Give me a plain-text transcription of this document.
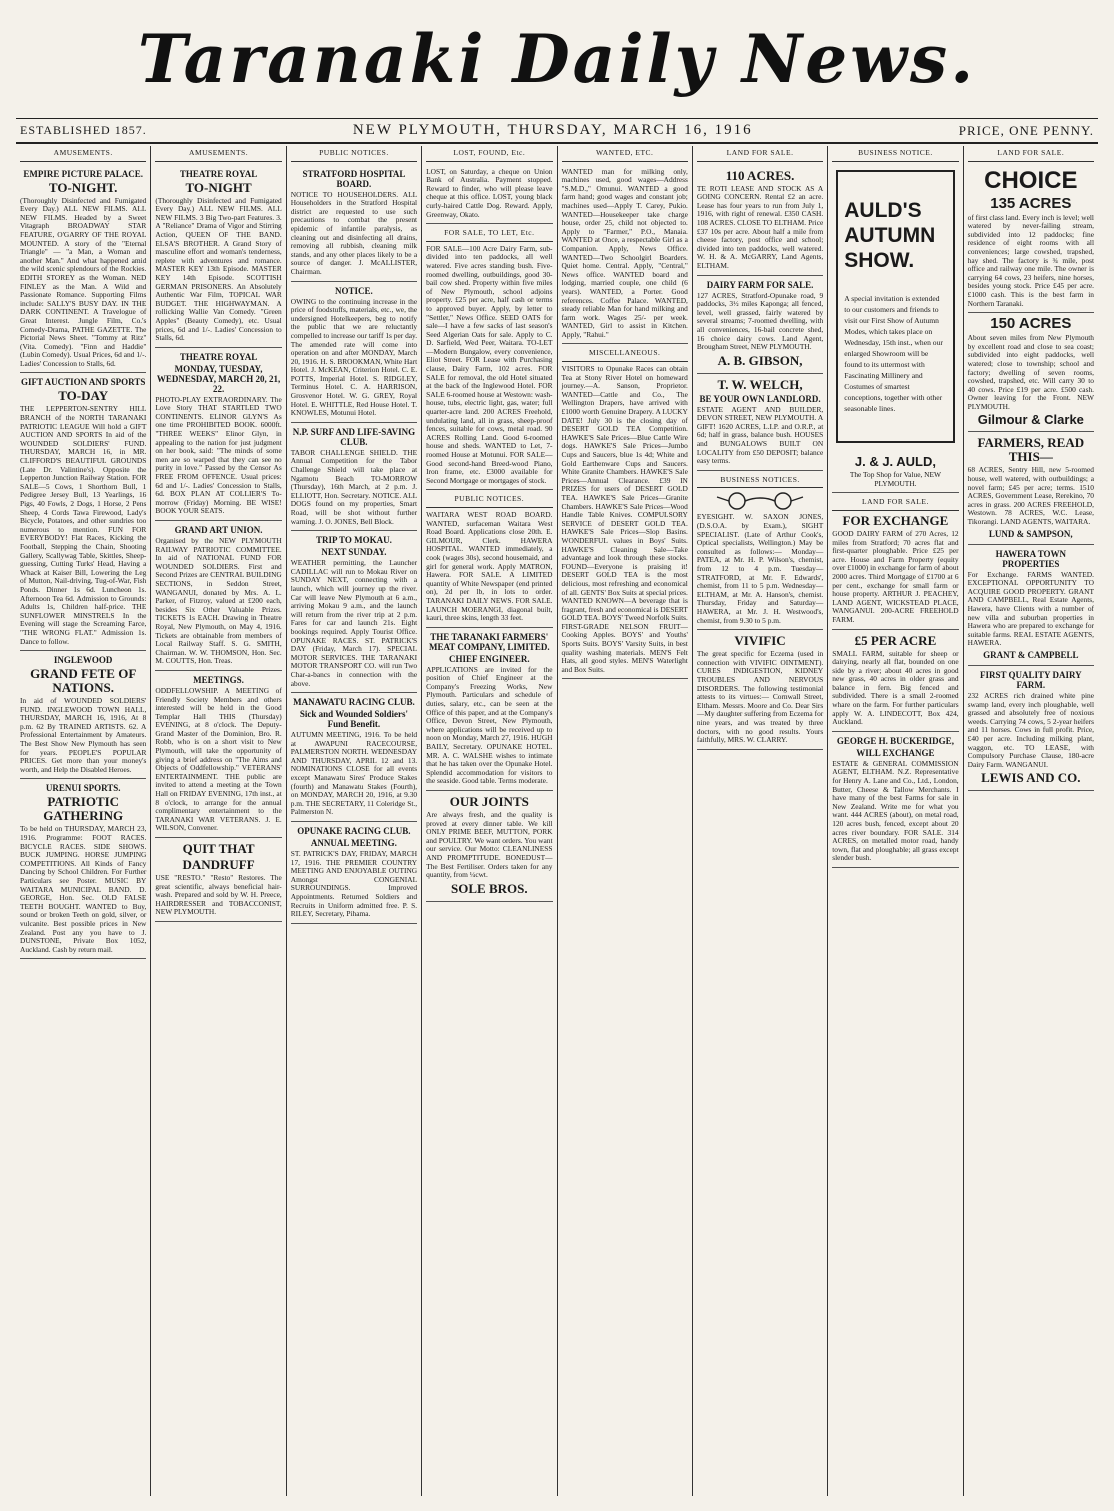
Taranaki Daily News.
ESTABLISHED 1857.	NEW PLYMOUTH, THURSDAY, MARCH 16, 1916	PRICE, ONE PENNY.
AMUSEMENTS.
EMPIRE PICTURE PALACE.
TO-NIGHT.

(Thoroughly Disinfected and Fumigated Every Day.) ALL NEW FILMS. ALL NEW FILMS. Headed by a Sweet Vitagraph BROADWAY STAR FEATURE, O'GARRY OF THE ROYAL MOUNTED. A story of the "Eternal Triangle" — "a Man, a Woman and another Man." And what happened amid the wild scenic splendours of the Rockies. EDITH STOREY as the Woman. NED FINLEY as the Man. A Wild and Passionate Romance. Supporting Films include: SALLY'S BUSY DAY. IN THE DARK CONTINENT. A Travelogue of Great Interest. Jungle Film, Co.'s Comedy-Drama, PATHE GAZETTE. The Pictorial News Sheet. "Tommy at Ritz" (Vita. Comedy). "Finn and Haddie" (Lubin Comedy). Usual Prices, 6d and 1/-. Ladies' Concession to Stalls, 6d.

GIFT AUCTION AND SPORTS
TO-DAY

THE LEPPERTON-SENTRY HILL BRANCH of the NORTH TARANAKI PATRIOTIC LEAGUE Will hold a GIFT AUCTION AND SPORTS In aid of the WOUNDED SOLDIERS' FUND. THURSDAY, MARCH 16, in MR. CLIFFORD'S BEAUTIFUL GROUNDS (Late Dr. Valintine's). Opposite the Lepperton Junction Railway Station. FOR SALE—5 Cows, 1 Shorthorn Bull, 1 Pedigree Jersey Bull, 13 Yearlings, 16 Pigs, 40 Fowls, 2 Dogs, 1 Horse, 2 Pens Sheep, 4 Cords Tawa Firewood, Lady's Bicycle, Potatoes, and other sundries too numerous to mention. FUN FOR EVERYBODY! Flat Races, Kicking the Football, Stepping the Chain, Shooting Gallery, Scallywag Table, Skittles, Sheep-guessing, Cutting Turks' Head, Having a Whack at Kaiser Bill, Lowering the Leg of Mutton, Nail-driving, Tug-of-War, Fish Ponds. Dinner 1s 6d. Luncheon 1s. Afternoon Tea 6d. Admission to Grounds: Adults 1s, Children half-price. THE SUNFLOWER MINSTRELS In the Evening will stage the Screaming Farce, "THE WRONG FLAT." Admission 1s. Dance to follow.

INGLEWOOD
GRAND FETE OF NATIONS.

In aid of WOUNDED SOLDIERS' FUND. INGLEWOOD TOWN HALL, THURSDAY, MARCH 16, 1916, At 8 p.m. 62 By TRAINED ARTISTS. 62. A Professional Entertainment by Amateurs. The Best Show New Plymouth has seen for years. PEOPLE'S POPULAR PRICES. Get more than your money's worth, and Help the Disabled Heroes.

URENUI SPORTS.
PATRIOTIC GATHERING

To be held on THURSDAY, MARCH 23, 1916. Programme: FOOT RACES. BICYCLE RACES. SIDE SHOWS. BUCK JUMPING. HORSE JUMPING COMPETITIONS. All Kinds of Fancy Dancing by School Children. For Further Particulars see Poster. MUSIC BY WAITARA MUNICIPAL BAND. D. GEORGE, Hon. Sec. OLD FALSE TEETH BOUGHT. WANTED to Buy, sound or broken Teeth on gold, silver, or vulcanite. Best possible prices in New Zealand. Post any you have to J. DUNSTONE, Private Box 1052, Auckland. Cash by return mail.

AMUSEMENTS.
THEATRE ROYAL
TO-NIGHT

(Thoroughly Disinfected and Fumigated Every Day.) ALL NEW FILMS. ALL NEW FILMS. 3 Big Two-part Features. 3. A "Reliance" Drama of Vigor and Stirring Action, QUEEN OF THE BAND. ELSA'S BROTHER. A Grand Story of masculine effort and woman's tenderness, replete with adventures and romance. MASTER KEY 13th Episode. MASTER KEY 14th Episode. SCOTTISH GERMAN PRISONERS. An Absolutely Authentic War Film, TOPICAL WAR BUDGET. THE HIGHWAYMAN. A rollicking Wallie Van Comedy. "Green Apples" (Beauty Comedy), etc. Usual prices, 6d and 1/-. Ladies' Concession to Stalls, 6d.

THEATRE ROYAL
MONDAY, TUESDAY, WEDNESDAY, MARCH 20, 21, 22.

PHOTO-PLAY EXTRAORDINARY. The Love Story THAT STARTLED TWO CONTINENTS. ELINOR GLYN'S As one time PROHIBITED BOOK. 6000ft. "THREE WEEKS" Elinor Glyn, in appealing to the nation for just judgment on her book, said: "The minds of some men are so warped that they can see no purity in love." Passed by the Censor As FREE FROM OFFENCE. Usual prices: 6d and 1/-. Ladies' Concession to Stalls, 6d. BOX PLAN AT COLLIER'S To-morrow (Friday) Morning. BE WISE! BOOK YOUR SEATS.

GRAND ART UNION.

Organised by the NEW PLYMOUTH RAILWAY PATRIOTIC COMMITTEE. In aid of NATIONAL FUND FOR WOUNDED SOLDIERS. First and Second Prizes are CENTRAL BUILDING SECTIONS, in Seddon Street, WANGANUI, donated by Mrs. A. L. Parker, of Fitzroy, valued at £200 each, besides Six Other Valuable Prizes. TICKETS 1s EACH. Drawing in Theatre Royal, New Plymouth, on May 4, 1916. Tickets are obtainable from members of Local Railway Staff. S. G. SMITH, Chairman. W. W. THOMSON, Hon. Sec. M. COUTTS, Hon. Treas.

MEETINGS.

ODDFELLOWSHIP. A MEETING of Friendly Society Members and others interested will be held in the Good Templar Hall THIS (Thursday) EVENING, at 8 o'clock. The Deputy-Grand Master of the Dominion, Bro. R. Robb, who is on a short visit to New Plymouth, will take the opportunity of giving a brief address on "The Aims and Objects of Oddfellowship." VETERANS' ENTERTAINMENT. THE public are invited to attend a meeting at the Town Hall on FRIDAY EVENING, 17th inst., at 8 o'clock, to arrange for the annual complimentary entertainment to the TARANAKI WAR VETERANS. J. E. WILSON, Convener.

QUIT THAT
DANDRUFF

USE "RESTO." "Resto" Restores. The great scientific, always beneficial hair-wash. Prepared and sold by W. H. Preece, HAIRDRESSER and TOBACCONIST, NEW PLYMOUTH.

PUBLIC NOTICES.
STRATFORD HOSPITAL BOARD.

NOTICE TO HOUSEHOLDERS. ALL Householders in the Stratford Hospital district are requested to use such precautions to combat the present epidemic of infantile paralysis, as cleaning out and disinfecting all drains, removing all rubbish, cleaning milk stands, and any other places likely to be a source of danger. J. McALLISTER, Chairman.

NOTICE.

OWING to the continuing increase in the price of foodstuffs, materials, etc., we, the undersigned Hotelkeepers, beg to notify the public that we are reluctantly compelled to increase our tariff 1s per day. The amended rate will come into operation on and after MONDAY, March 20, 1916. H. S. BROOKMAN, White Hart Hotel. J. McKEAN, Criterion Hotel. C. E. POTTS, Imperial Hotel. S. RIDGLEY, Terminus Hotel. C. A. HARRISON, Grosvenor Hotel. W. G. GREY, Royal Hotel. E. WHITTLE, Red House Hotel. T. KNOWLES, Motunui Hotel.

N.P. SURF AND LIFE-SAVING CLUB.

TABOR CHALLENGE SHIELD. THE Annual Competition for the Tabor Challenge Shield will take place at Ngamotu Beach TO-MORROW (Thursday), 16th March, at 2 p.m. J. ELLIOTT, Hon. Secretary. NOTICE. ALL DOGS found on my properties, Smart Road, will be shot without further warning. J. O. JONES, Bell Block.

TRIP TO MOKAU.
NEXT SUNDAY.

WEATHER permitting, the Launcher CADILLAC will run to Mokau River on SUNDAY NEXT, connecting with a launch, which will journey up the river. Car will leave New Plymouth at 6 a.m., arriving Mokau 9 a.m., and the launch will return from the river trip at 2 p.m. Fares for car and launch 21s. Eight bookings required. Apply Tourist Office. OPUNAKE RACES. ST. PATRICK'S DAY (Friday, March 17). SPECIAL MOTOR SERVICES. THE TARANAKI MOTOR TRANSPORT CO. will run Two Char-a-bancs in connection with the above.

MANAWATU RACING CLUB.
Sick and Wounded Soldiers' Fund Benefit.

AUTUMN MEETING, 1916. To be held at AWAPUNI RACECOURSE, PALMERSTON NORTH. WEDNESDAY AND THURSDAY, APRIL 12 and 13. NOMINATIONS CLOSE for all events except Manawatu Sires' Produce Stakes (fourth) and Manawatu Stakes (Fourth), on MONDAY, MARCH 20, 1916, at 9.30 p.m. THE SECRETARY, 11 Coleridge St., Palmerston N.

OPUNAKE RACING CLUB.
ANNUAL MEETING.

ST. PATRICK'S DAY, FRIDAY, MARCH 17, 1916. THE PREMIER COUNTRY MEETING AND ENJOYABLE OUTING Amongst CONGENIAL SURROUNDINGS. Improved Appointments. Returned Soldiers and Recruits in Uniform admitted free. P. S. RILEY, Secretary, Pihama.

LOST, FOUND, Etc.

LOST, on Saturday, a cheque on Union Bank of Australia. Payment stopped. Reward to finder, who will please leave cheque at this office. LOST, young black curly-haired Cattle Dog. Reward. Apply, Greenway, Okato.

FOR SALE, TO LET, Etc.

FOR SALE—100 Acre Dairy Farm, sub-divided into ten paddocks, all well watered. Five acres standing bush. Five-roomed dwelling, outbuildings, good 30-bail cow shed. Property within five miles of New Plymouth, school adjoins property. £25 per acre, half cash or terms to approved buyer. Apply, by letter to "Settler," News Office. SEED OATS for sale—I have a few sacks of last season's Seed Algerian Oats for sale. Apply to C. D. Sarfield, Wed Peer, Waitara. TO-LET—Modern Bungalow, every convenience, Eliot Street. FOR Lease with Purchasing clause, Dairy Farm, 102 acres. FOR SALE for removal, the old Hotel situated at the back of the Inglewood Hotel. FOR SALE 6-roomed house at Westown: wash-house, tubs, electric light, gas, water; full quarter-acre land. 200 ACRES Freehold, undulating land, all in grass, sheep-proof fences, suitable for cows, metal road. 90 ACRES Rolling Land. Good 6-roomed house and sheds. WANTED to Let, 7-roomed House at Motunui. FOR SALE—Good second-hand Breed-wood Piano, Iron frame, etc. £3000 available for Second Mortgage or mortgages of stock.

PUBLIC NOTICES.

WAITARA WEST ROAD BOARD. WANTED, surfaceman Waitara West Road Board. Applications close 20th. E. GILMOUR, Clerk. HAWERA HOSPITAL. WANTED immediately, a cook (wages 30s), second housemaid, and girl for general work. Apply MATRON, Hawera. FOR SALE. A LIMITED quantity of White Newspaper (end printed on), 2d per lb, in lots to order. TARANAKI DAILY NEWS. FOR SALE. LAUNCH MOERANGI, diagonal built, kauri, three skins, length 33 feet.

THE TARANAKI FARMERS' MEAT COMPANY, LIMITED.
CHIEF ENGINEER.

APPLICATIONS are invited for the position of Chief Engineer at the Company's Freezing Works, New Plymouth. Particulars and schedule of duties, salary, etc., can be seen at the Office of this paper, and at the Company's Office, Devon Street, New Plymouth, where applications will be received up to noon on Monday, March 27, 1916. HUGH BAILY, Secretary. OPUNAKE HOTEL. MR. A. C. WALSHE wishes to intimate that he has taken over the Opunake Hotel. Splendid accommodation for visitors to the seaside. Good table. Terms moderate.

OUR JOINTS

Are always fresh, and the quality is proved at every dinner table. We kill ONLY PRIME BEEF, MUTTON, PORK and POULTRY. We want orders. You want our service. Our Motto: CLEANLINESS AND PROMPTITUDE. BONEDUST—The Best Fertiliser. Orders taken for any quantity, from ¼cwt.

SOLE BROS.
WANTED, ETC.

WANTED man for milking only, machines used, good wages—Address "S.M.D.," Omunui. WANTED a good farm hand; good wages and constant job; machines used—Apply T. Carey, Pukio. WANTED—Housekeeper take charge house, order 25, child not objected to. Apply to "Farmer," P.O., Manaia. WANTED at Once, a respectable Girl as a Companion. Apply, News Office. WANTED—Two Schoolgirl Boarders. Quiet home. Central. Apply, "Central," News office. WANTED board and lodging, married couple, one child (6 years). WANTED, a Porter. Good references. Coffee Palace. WANTED, steady reliable Man for hand milking and farm work. Wages 25/- per week. WANTED, Girl to assist in Kitchen. Apply, "Rahui."

MISCELLANEOUS.

VISITORS to Opunake Races can obtain Tea at Stony River Hotel on homeward journey.—A. Sanson, Proprietor. WANTED—Cattle and Co., The Wellington Drapers, have arrived with £1000 worth Genuine Drapery. A LUCKY DATE! July 30 is the closing day of DESERT GOLD TEA Competition. HAWKE'S Sale Prices—Blue Cattle Wire dogs. HAWKE'S Sale Prices—Jumbo Cups and Saucers, blue 1s 4d; White and Gold Earthenware Cups and Saucers. White Granite Chambers. HAWKE'S Sale Prices—Annual Clearance. £39 IN PRIZES for users of DESERT GOLD TEA. HAWKE'S Sale Prices—Granite Chambers. HAWKE'S Sale Prices—Wood Handle Table Knives. COMPULSORY SERVICE of DESERT GOLD TEA. HAWKE'S Sale Prices—Slop Basins. WONDERFUL values in Boys' Suits. HAWKE'S Cleaning Sale—Take advantage and look through these stocks. FOUND—Everyone is praising it! DESERT GOLD TEA is the most delicious, most refreshing and economical of all. GENTS' Box Suits at special prices. WANTED KNOWN—A beverage that is fragrant, fresh and economical is DESERT GOLD TEA. BOYS' Tweed Norfolk Suits. FIRST-GRADE NELSON FRUIT—Cooking Apples. BOYS' and Youths' Sports Suits. BOYS' Varsity Suits, in best quality washing materials. MEN'S Felt Hats, all good styles. MEN'S Waterlight and Box Suits.

LAND FOR SALE.
110 ACRES.

TE ROTI LEASE AND STOCK AS A GOING CONCERN. Rental £2 an acre. Lease has four years to run from July 1, 1916, with right of renewal. £350 CASH. 108 ACRES. CLOSE TO ELTHAM. Price £37 10s per acre. About half a mile from cheese factory, post office and school; divided into ten paddocks, well watered. W. H. & A. McGARRY, Land Agents, ELTHAM.

DAIRY FARM FOR SALE.

127 ACRES, Stratford-Opunake road, 9 paddocks, 3½ miles Kaponga; all fenced, level, well grassed, fairly watered by several streams; 7-roomed dwelling, with all conveniences, 16-bail concrete shed, 16 choice dairy cows. Land Agent, Brougham Street, NEW PLYMOUTH.

A. B. GIBSON,
T. W. WELCH,
BE YOUR OWN LANDLORD.

ESTATE AGENT AND BUILDER, DEVON STREET, NEW PLYMOUTH. A GIFT! 1620 ACRES, L.I.P. and O.R.P., at 6d; half in grass, balance bush. HOUSES and BUNGALOWS BUILT ON LOCALITY from £50 DEPOSIT; balance easy terms.

BUSINESS NOTICES.

EYESIGHT. W. SAXON JONES, (D.S.O.A. by Exam.), SIGHT SPECIALIST. (Late of Arthur Cook's, Optical specialists, Wellington.) May be consulted as follows:— Monday—PATEA, at Mr. H. P. Wilson's, chemist, from 12 to 4 p.m. Tuesday—STRATFORD, at Mr. F. Edwards', chemist, from 11 to 5 p.m. Wednesday—ELTHAM, at Mr. A. Hanson's, chemist. Thursday, Friday and Saturday—HAWERA, at Mr. J. H. Westwood's, chemist, from 9.30 to 5 p.m.

VIVIFIC

The great specific for Eczema (used in connection with VIVIFIC OINTMENT). CURES INDIGESTION, KIDNEY TROUBLES AND NERVOUS DISORDERS. The following testimonial attests to its virtues:— Cornwall Street, Eltham. Messrs. Moore and Co. Dear Sirs—My daughter suffering from Eczema for nine years, and was treated by three doctors, with no good results. Yours faithfully, MRS. W. CLARRY.

BUSINESS NOTICE.
AULD'S
AUTUMN
SHOW.

A special invitation is extended to our customers and friends to visit our First Show of Autumn Modes, which takes place on Wednesday, 15th inst., when our enlarged Showroom will be found to its uttermost with Fascinating Millinery and Costumes of smartest conceptions, together with other seasonable lines.

J. & J. AULD,

The Top Shop for Value, NEW PLYMOUTH.

LAND FOR SALE.
FOR EXCHANGE

GOOD DAIRY FARM of 270 Acres, 12 miles from Stratford; 70 acres flat and first-quarter ploughable. Price £25 per acre. House and Farm Property (equity over £1000) in exchange for farm of about 2000 acres. Third Mortgage of £1700 at 6 per cent., exchange for small farm or house property. ARTHUR J. PEACHEY, LAND AGENT, WICKSTEAD PLACE, WANGANUI. 200-ACRE FREEHOLD FARM.

£5 PER ACRE

SMALL FARM, suitable for sheep or dairying, nearly all flat, bounded on one side by a river; about 40 acres in good new grass, 40 acres in older grass and balance in fern. Big fenced and subdivided. There is a small 2-roomed whare on the farm. For further particulars apply W. A. LINDECOTT, Box 424, Auckland.

GEORGE H. BUCKERIDGE,
WILL EXCHANGE

ESTATE & GENERAL COMMISSION AGENT, ELTHAM. N.Z. Representative for Henry A. Lane and Co., Ltd., London, Butter, Cheese & Tallow Merchants. I have many of the best Farms for sale in New Zealand. Write me for what you want. 444 ACRES (about), on metal road, 120 acres bush, fenced, except about 20 acres river boundary. FOR SALE. 314 ACRES, on metalled motor road, handy town, flat and ploughable; all grass except slender bush.

LAND FOR SALE.
CHOICE
135 ACRES

of first class land. Every inch is level; well watered by never-failing stream, subdivided into 12 paddocks; fine residence of eight rooms with all conveniences; large cowshed, trapshed, hay shed. The factory is ¾ mile, post office and railway one mile. The owner is carrying 64 cows, 23 heifers, nine horses, besides young stock. Price £45 per acre. £1000 cash. This is the best farm in Northern Taranaki.

150 ACRES

About seven miles from New Plymouth by excellent road and close to sea coast; subdivided into eight paddocks, well watered; close to township; school and factory; dwelling of seven rooms, cowshed, trapshed, etc. Will carry 30 to 40 cows. Price £19 per acre. £500 cash. Owner leaving for the Front. NEW PLYMOUTH.

Gilmour & Clarke
FARMERS, READ THIS—

68 ACRES, Sentry Hill, new 5-roomed house, well watered, with outbuildings; a novel farm; £45 per acre; terms. 1510 ACRES, Government Lease, Rerekino, 70 acres in grass. 200 ACRES FREEHOLD, Westown. 78 ACRES, W.C. Lease, Tikorangi. LAND AGENTS, WAITARA.

LUND & SAMPSON,
HAWERA TOWN PROPERTIES

For Exchange. FARMS WANTED. EXCEPTIONAL OPPORTUNITY TO ACQUIRE GOOD PROPERTY. GRANT AND CAMPBELL, Real Estate Agents, Hawera, have Clients with a number of new villa and suburban properties in Hawera who are prepared to exchange for suitable farms. REAL ESTATE AGENTS, HAWERA.

GRANT & CAMPBELL
FIRST QUALITY DAIRY FARM.

232 ACRES rich drained white pine swamp land, every inch ploughable, well grassed and absolutely free of noxious weeds. Carrying 74 cows, 5 2-year heifers and 11 horses. Cows in full profit. Price, £40 per acre. Including milking plant, waggon, etc. TO LEASE, with Compulsory Purchase Clause, 180-acre Dairy Farm. WANGANUI.

LEWIS AND CO.
